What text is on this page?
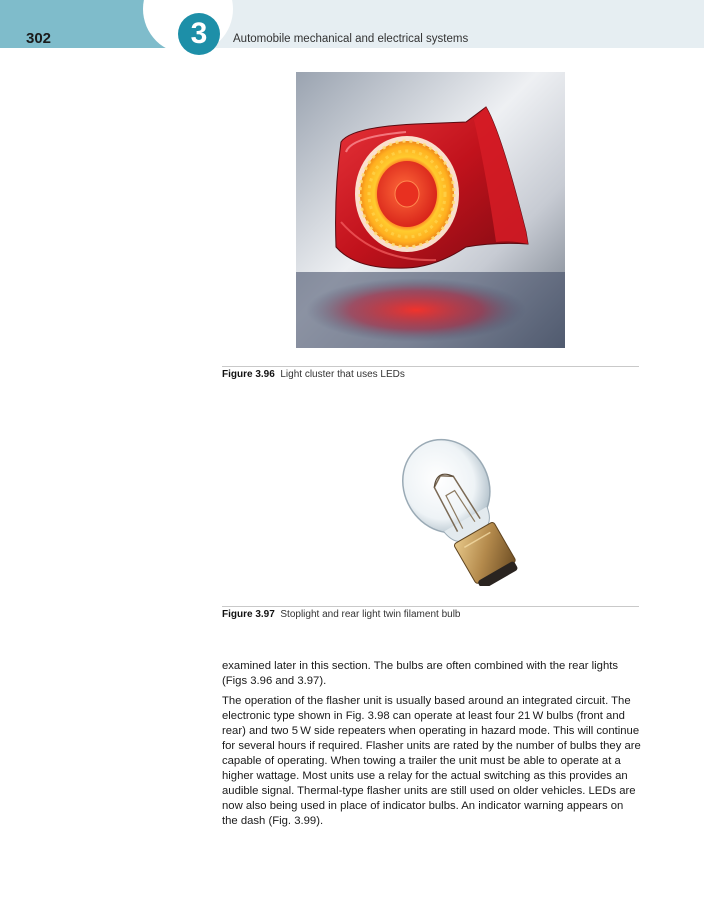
3
302	Automobile mechanical and electrical systems
Figure 3.96 Light cluster that uses LEDs
Figure 3.97 Stoplight and rear light twin filament bulb

examined later in this section. The bulbs are often combined with the rear lights (Figs 3.96 and 3.97).

The operation of the flasher unit is usually based around an integrated circuit. The electronic type shown in Fig. 3.98 can operate at least four 21 W bulbs (front and rear) and two 5 W side repeaters when operating in hazard mode. This will continue for several hours if required. Flasher units are rated by the number of bulbs they are capable of operating. When towing a trailer the unit must be able to operate at a higher wattage. Most units use a relay for the actual switching as this provides an audible signal. Thermal-type flasher units are still used on older vehicles. LEDs are now also being used in place of indicator bulbs. An indicator warning appears on the dash (Fig. 3.99).
